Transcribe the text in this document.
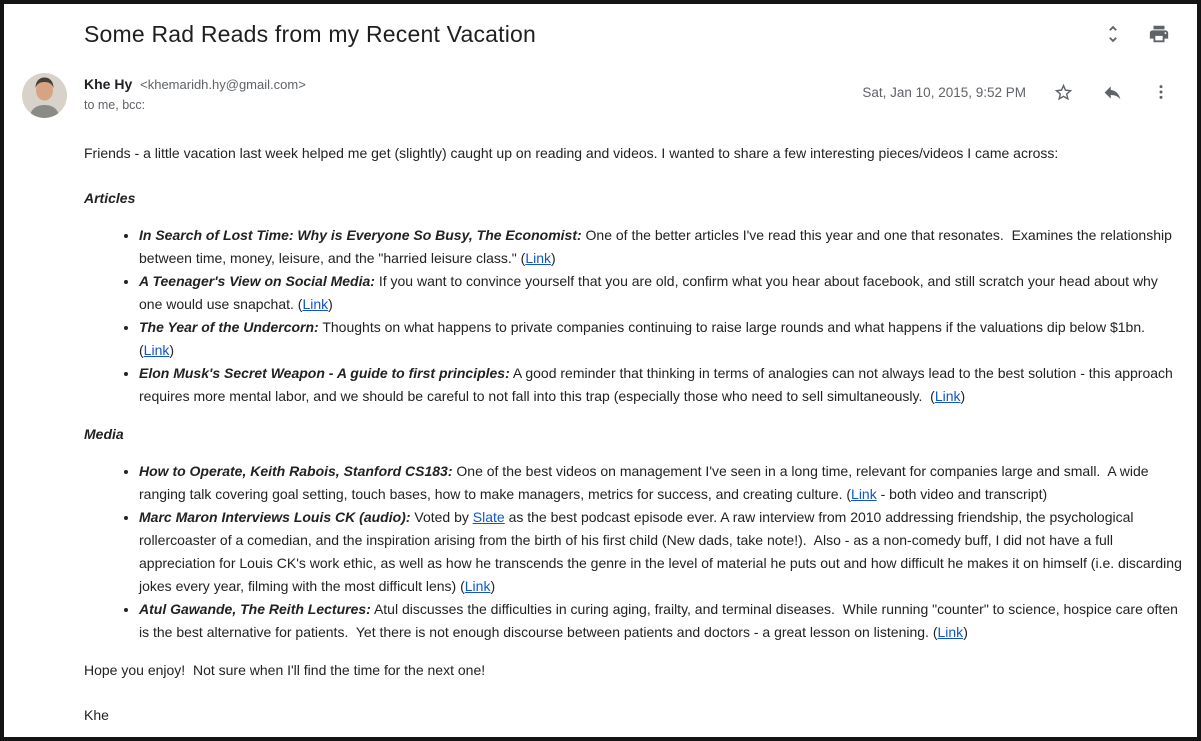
Some Rad Reads from my Recent Vacation
Khe Hy <khemaridh.hy@gmail.com>
to me, bcc:
Sat, Jan 10, 2015, 9:52 PM

Friends - a little vacation last week helped me get (slightly) caught up on reading and videos. I wanted to share a few interesting pieces/videos I came across:

Articles
• In Search of Lost Time: Why is Everyone So Busy, The Economist: One of the better articles I've read this year and one that resonates.  Examines the relationship between time, money, leisure, and the "harried leisure class." (Link)
• A Teenager's View on Social Media: If you want to convince yourself that you are old, confirm what you hear about facebook, and still scratch your head about why one would use snapchat. (Link)
• The Year of the Undercorn: Thoughts on what happens to private companies continuing to raise large rounds and what happens if the valuations dip below $1bn. (Link)
• Elon Musk's Secret Weapon - A guide to first principles: A good reminder that thinking in terms of analogies can not always lead to the best solution - this approach requires more mental labor, and we should be careful to not fall into this trap (especially those who need to sell simultaneously.  (Link)
Media
• How to Operate, Keith Rabois, Stanford CS183: One of the best videos on management I've seen in a long time, relevant for companies large and small.  A wide ranging talk covering goal setting, touch bases, how to make managers, metrics for success, and creating culture. (Link - both video and transcript)
• Marc Maron Interviews Louis CK (audio): Voted by Slate as the best podcast episode ever. A raw interview from 2010 addressing friendship, the psychological rollercoaster of a comedian, and the inspiration arising from the birth of his first child (New dads, take note!).  Also - as a non-comedy buff, I did not have a full appreciation for Louis CK's work ethic, as well as how he transcends the genre in the level of material he puts out and how difficult he makes it on himself (i.e. discarding jokes every year, filming with the most difficult lens) (Link)
• Atul Gawande, The Reith Lectures: Atul discusses the difficulties in curing aging, frailty, and terminal diseases.  While running "counter" to science, hospice care often is the best alternative for patients.  Yet there is not enough discourse between patients and doctors - a great lesson on listening. (Link)

Hope you enjoy!  Not sure when I'll find the time for the next one!

Khe
